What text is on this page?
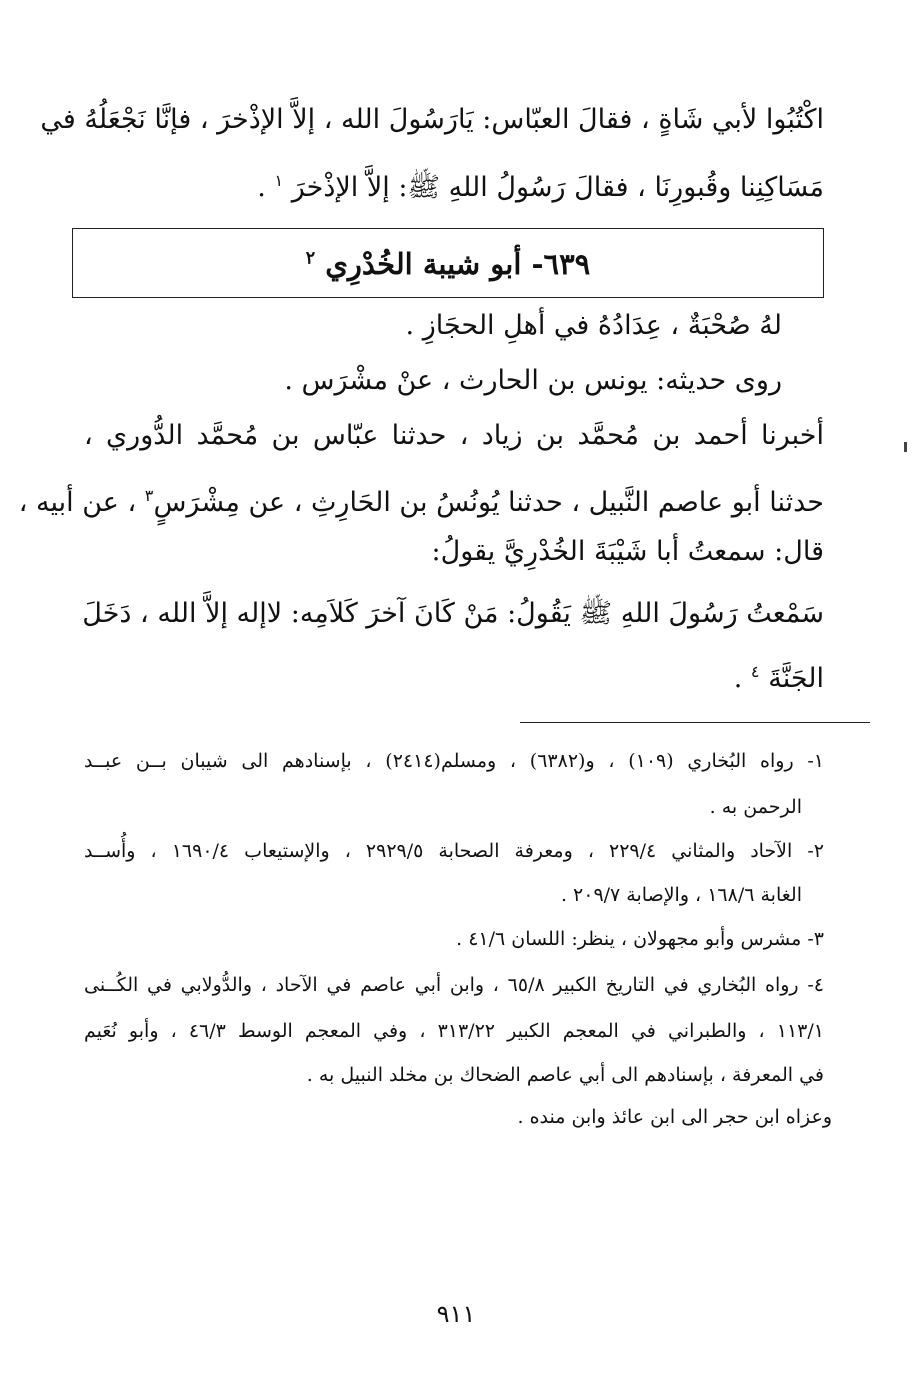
اكْتُبُوا لأبي شَاةٍ ، فقالَ العبّاس: يَارَسُولَ الله ، إلاَّ الإذْخرَ ، فإنَّا نَجْعَلُهُ في
مَسَاكِنِنا وقُبورِنَا ، فقالَ رَسُولُ اللهِ ﷺ: إلاَّ الإذْخرَ $^١$ .
٦٣٩- أبو شيبة الخُدْرِي $^٢$
لهُ صُحْبَةٌ ، عِدَادُهُ في أهلِ الحجَازِ .
روى حديثه: يونس بن الحارث ، عنْ مشْرَس .
أخبرنا أحمد بن مُحمَّد بن زياد ، حدثنا عبّاس بن مُحمَّد الدُّوري ،
حدثنا أبو عاصم النَّبيل ، حدثنا يُونُسُ بن الحَارِثِ ، عن مِشْرَسٍ$^٣$ ، عن أبيه ،
قال: سمعتُ أبا شَيْبَةَ الخُدْرِيَّ يقولُ:
سَمْعتُ رَسُولَ اللهِ ﷺ يَقُولُ: مَنْ كَانَ آخرَ كَلاَمِه: لاإله إلاَّ الله ، دَخَلَ
الجَنَّةَ $^٤$ .
١- رواه البُخاري (١٠٩) ، و(٦٣٨٢) ، ومسلم(٢٤١٤) ، بإسنادهم الى شيبان بــن عبــد
الرحمن به .
٢- الآحاد والمثاني ٢٢٩/٤ ، ومعرفة الصحابة ٢٩٢٩/٥ ، والإستيعاب ١٦٩٠/٤ ، وأُســد
الغابة ١٦٨/٦ ، والإصابة ٢٠٩/٧ .
٣- مشرس وأبو مجهولان ، ينظر: اللسان ٤١/٦ .
٤- رواه البُخاري في التاريخ الكبير ٦٥/٨ ، وابن أبي عاصم في الآحاد ، والدُّولابي في الكُــنى
١١٣/١ ، والطبراني في المعجم الكبير ٣١٣/٢٢ ، وفي المعجم الوسط ٤٦/٣ ، وأبو نُعَيم
في المعرفة ، بإسنادهم الى أبي عاصم الضحاك بن مخلد النبيل به .
وعزاه ابن حجر الى ابن عائذ وابن منده .
٩١١
